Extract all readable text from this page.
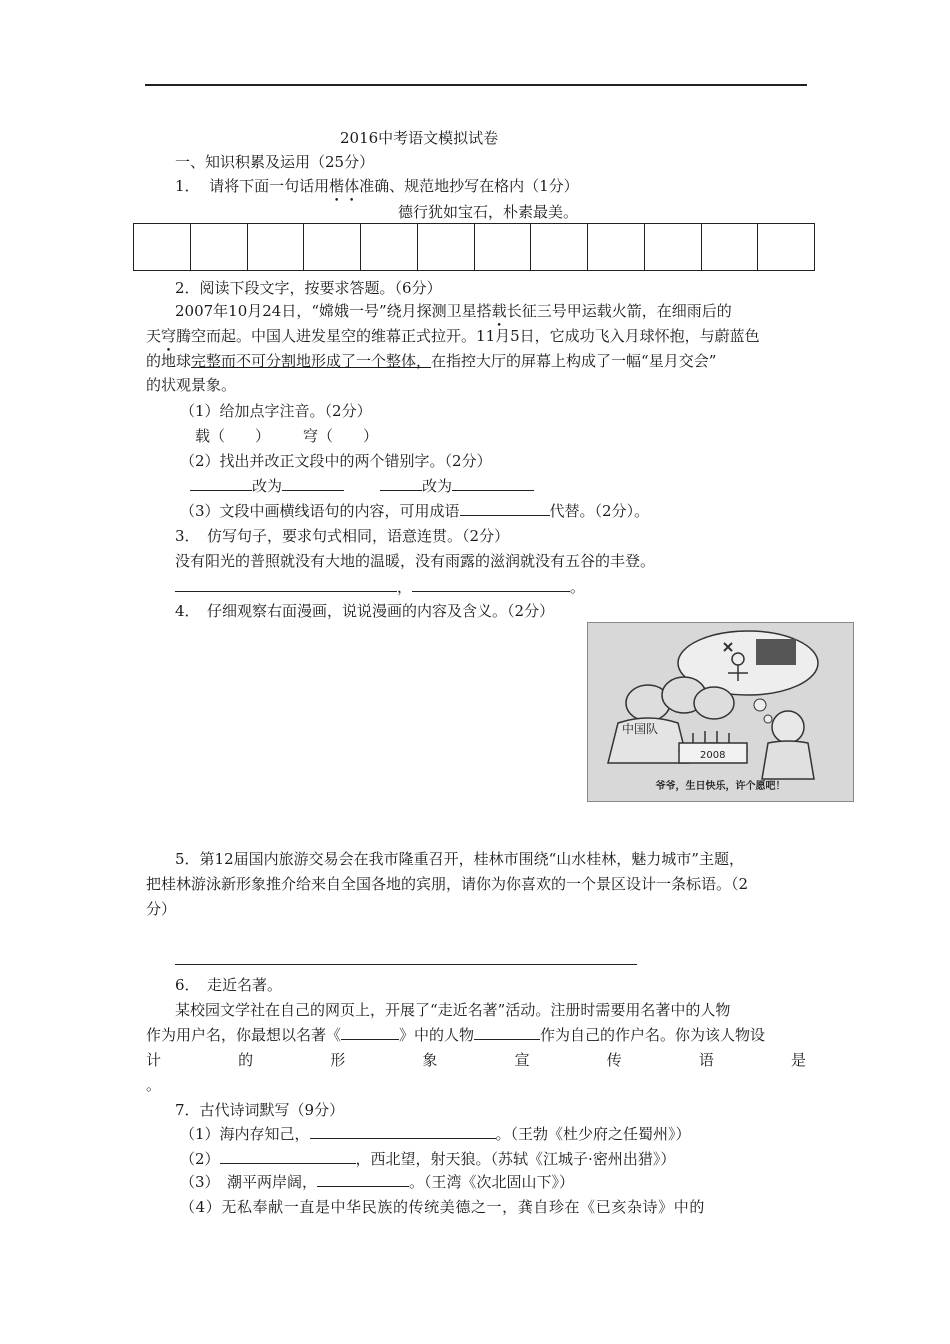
2016中考语文模拟试卷
一、知识积累及运用（25分）
1． 请将下面一句话用楷体准确、规范地抄写在格内（1分）
德行犹如宝石，朴素最美。
2．阅读下段文字，按要求答题。（6分）
2007年10月24日，“嫦娥一号”绕月探测卫星搭载长征三号甲运载火箭，在细雨后的
天穹腾空而起。中国人进发星空的维幕正式拉开。11月5日，它成功飞入月球怀抱，与蔚蓝色
的地球完整而不可分割地形成了一个整体，在指控大厅的屏幕上构成了一幅“星月交会”
的状观景象。
（1）给加点字注音。（2分）
载（　　） 穹（　　）
（2）找出并改正文段中的两个错别字。（2分）
改为	改为
（3）文段中画横线语句的内容，可用成语	代替。（2分）。
3．　仿写句子，要求句式相同，语意连贯。（2分）
没有阳光的普照就没有大地的温暖，没有雨露的滋润就没有五谷的丰登。
，	。
4．　仔细观察右面漫画，说说漫画的内容及含义。（2分）
中国队
2008
爷爷，生日快乐，许个愿吧！
5．第12届国内旅游交易会在我市隆重召开，桂林市围绕“山水桂林，魅力城市”主题，
把桂林游泳新形象推介给来自全国各地的宾朋，请你为你喜欢的一个景区设计一条标语。（2
分）
6．　走近名著。
某校园文学社在自己的网页上，开展了“走近名著”活动。注册时需要用名著中的人物
作为用户名，你最想以名著《	》中的人物	作为自己的作户名。你为该人物设
计	的	形	象	宣	传	语	是
。
7．古代诗词默写（9分）
（1）海内存知己，	。（王勃《杜少府之任蜀州》）
（2）	，西北望，射天狼。（苏轼《江城子·密州出猎》）
（3）　潮平两岸阔，	。（王湾《次北固山下》）
（4）无私奉献一直是中华民族的传统美德之一，龚自珍在《已亥杂诗》中的
